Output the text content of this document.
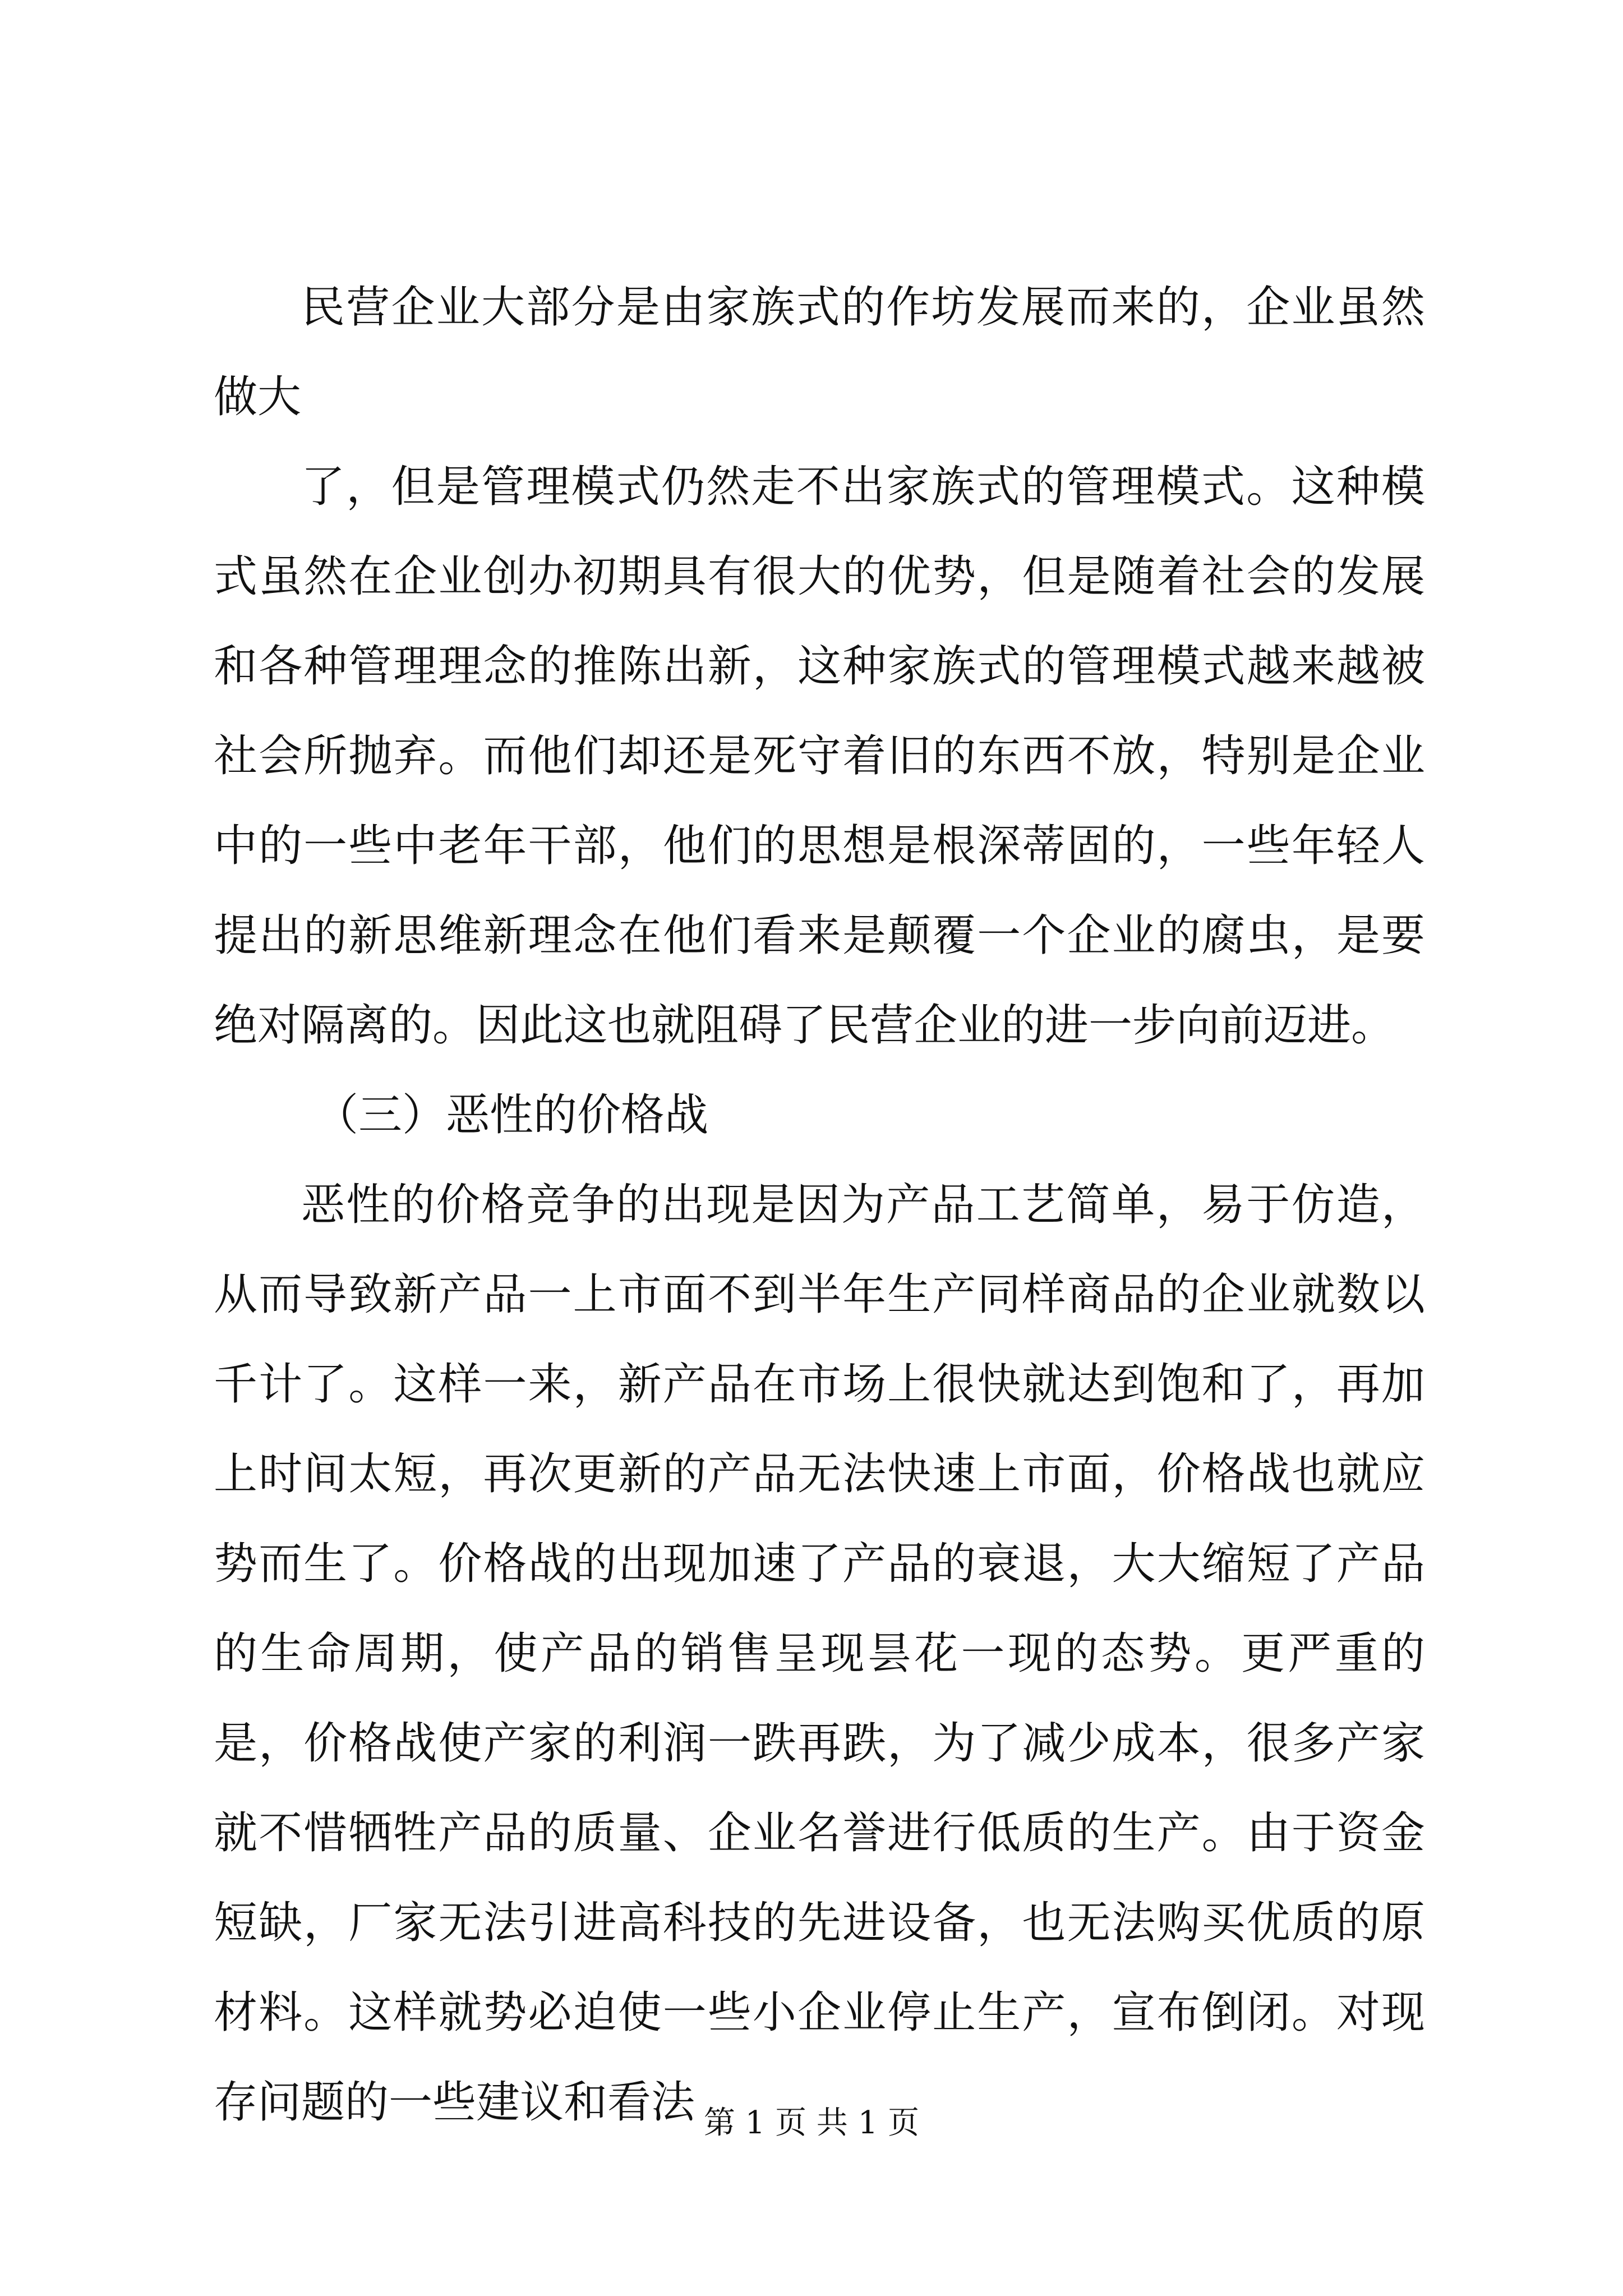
民营企业大部分是由家族式的作坊发展而来的，企业虽然做大

了，但是管理模式仍然走不出家族式的管理模式。这种模式虽然在企业创办初期具有很大的优势，但是随着社会的发展和各种管理理念的推陈出新，这种家族式的管理模式越来越被社会所抛弃。而他们却还是死守着旧的东西不放，特别是企业中的一些中老年干部，他们的思想是根深蒂固的，一些年轻人提出的新思维新理念在他们看来是颠覆一个企业的腐虫，是要绝对隔离的。因此这也就阻碍了民营企业的进一步向前迈进。

（三）恶性的价格战

恶性的价格竞争的出现是因为产品工艺简单，易于仿造，从而导致新产品一上市面不到半年生产同样商品的企业就数以千计了。这样一来，新产品在市场上很快就达到饱和了，再加上时间太短，再次更新的产品无法快速上市面，价格战也就应势而生了。价格战的出现加速了产品的衰退，大大缩短了产品的生命周期，使产品的销售呈现昙花一现的态势。更严重的是，价格战使产家的利润一跌再跌，为了减少成本，很多产家就不惜牺牲产品的质量、企业名誉进行低质的生产。由于资金短缺，厂家无法引进高科技的先进设备，也无法购买优质的原材料。这样就势必迫使一些小企业停止生产，宣布倒闭。对现存问题的一些建议和看法 第 1 页 共 1 页
